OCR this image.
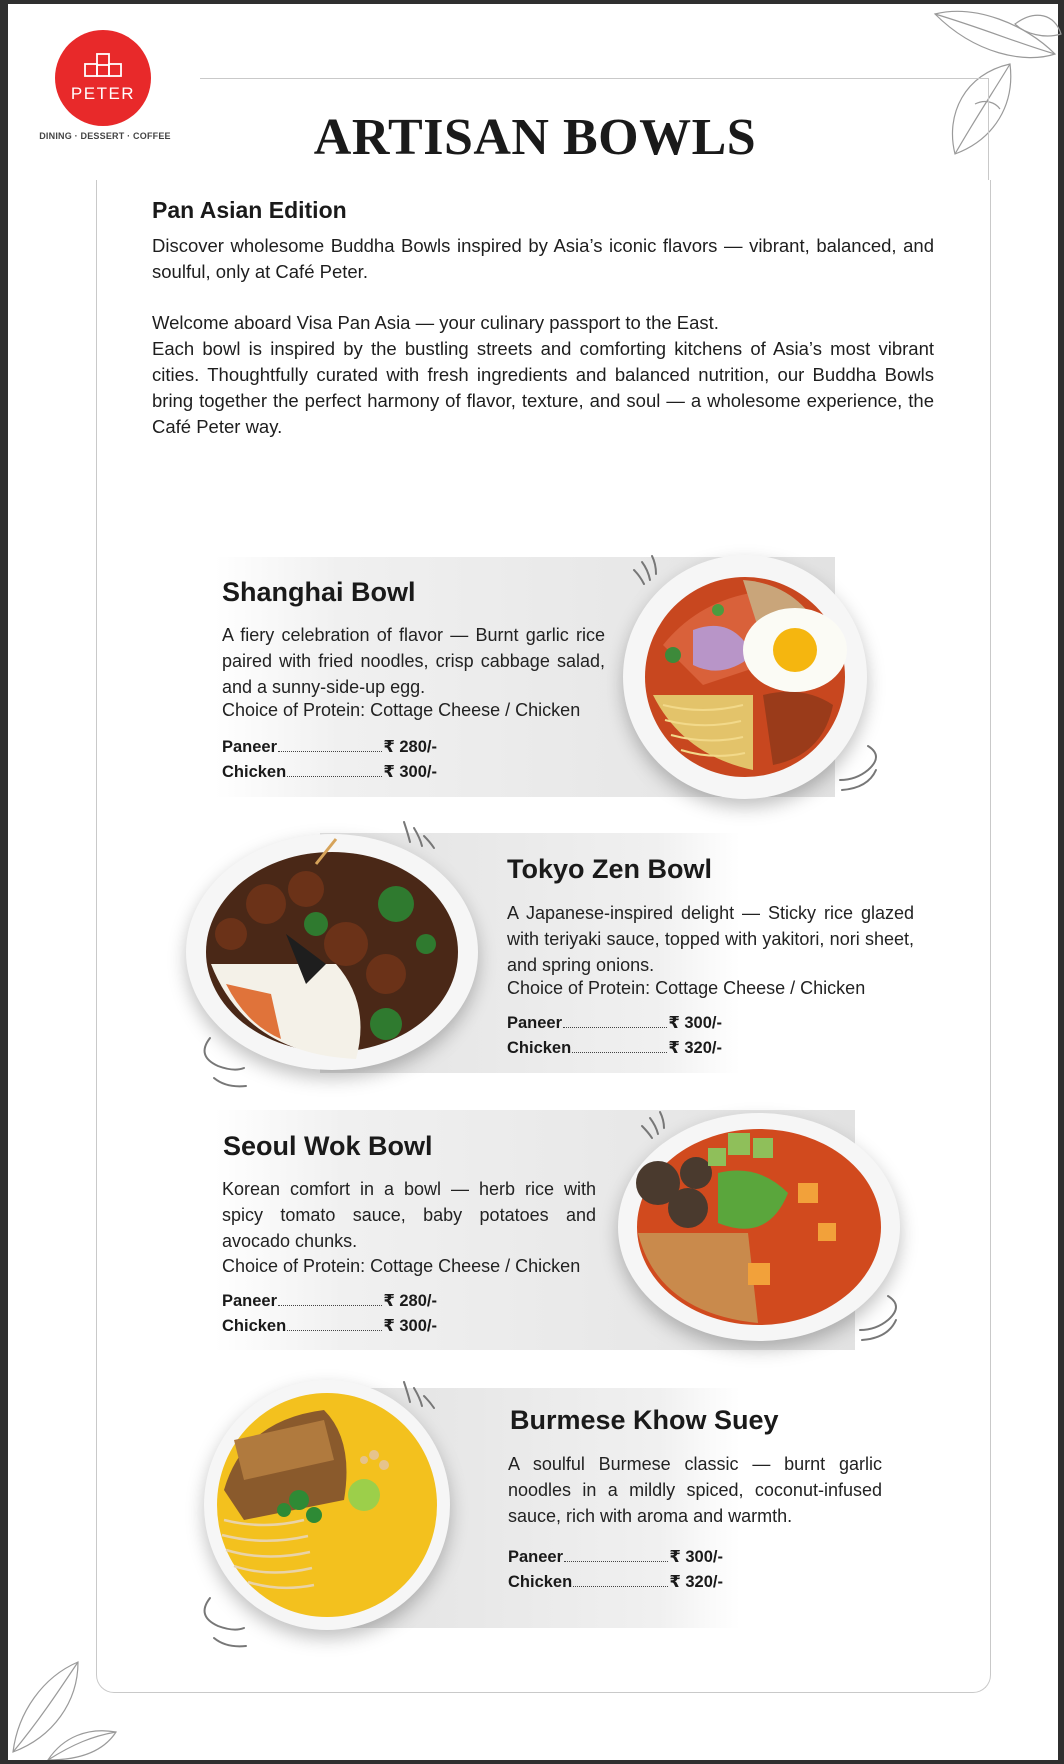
PETER
DINING · DESSERT · COFFEE	ARTISAN BOWLS
Pan Asian Edition
Discover wholesome Buddha Bowls inspired by Asia’s iconic flavors — vibrant, balanced, and soulful, only at Café Peter.
Welcome aboard Visa Pan Asia — your culinary passport to the East.
Each bowl is inspired by the bustling streets and comforting kitchens of Asia’s most vibrant cities. Thoughtfully curated with fresh ingredients and balanced nutrition, our Buddha Bowls bring together the perfect harmony of flavor, texture, and soul — a wholesome experience, the Café Peter way.
Shanghai Bowl
A fiery celebration of flavor — Burnt garlic rice paired with fried noodles, crisp cabbage salad, and a sunny-side-up egg.
Choice of Protein: Cottage Cheese / Chicken
Paneer	₹ 280/-
Chicken	₹ 300/-
Tokyo Zen Bowl
A Japanese-inspired delight — Sticky rice glazed with teriyaki sauce, topped with yakitori, nori sheet, and spring onions.
Choice of Protein: Cottage Cheese / Chicken
Paneer	₹ 300/-
Chicken	₹ 320/-
Seoul Wok Bowl
Korean comfort in a bowl — herb rice with spicy tomato sauce, baby potatoes and avocado chunks.
Choice of Protein: Cottage Cheese / Chicken
Paneer	₹ 280/-
Chicken	₹ 300/-
Burmese Khow Suey
A soulful Burmese classic — burnt garlic noodles in a mildly spiced, coconut-infused sauce, rich with aroma and warmth.
Paneer	₹ 300/-
Chicken	₹ 320/-
